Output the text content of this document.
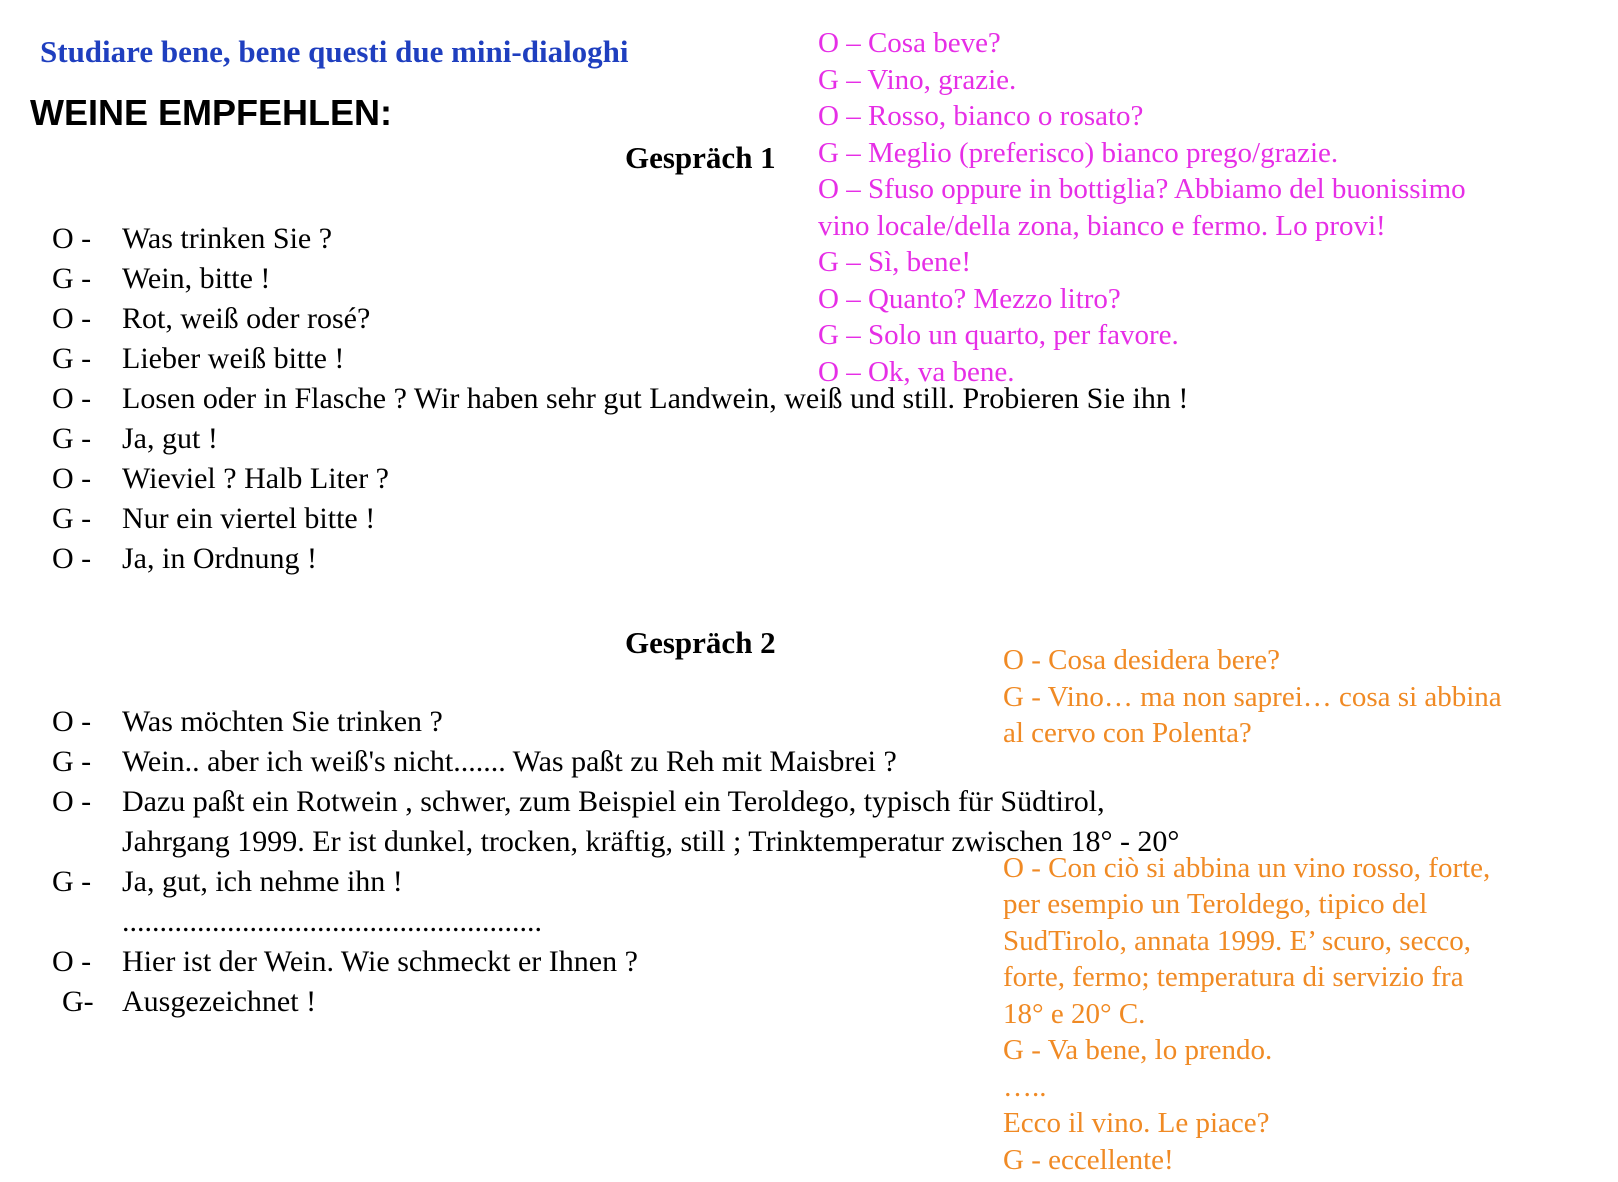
Studiare bene, bene questi due mini-dialoghi
WEINE EMPFEHLEN:
Gespräch 1
O -	Was trinken Sie ?
G -	Wein, bitte !
O -	Rot, weiß oder rosé?
G -	Lieber weiß bitte !
O -	Losen oder in Flasche ? Wir haben sehr gut Landwein, weiß und still. Probieren Sie ihn !
G -	Ja, gut !
O -	Wieviel ? Halb Liter ?
G -	Nur ein viertel bitte !
O -	Ja, in Ordnung !
Gespräch 2
O -	Was möchten Sie trinken ?
G -	Wein.. aber ich weiß's nicht....... Was paßt zu Reh mit Maisbrei ?
O -	Dazu paßt ein Rotwein , schwer, zum Beispiel ein Teroldego, typisch für Südtirol,
Jahrgang 1999. Er ist dunkel, trocken, kräftig, still ; Trinktemperatur zwischen 18° - 20°
G -	Ja, gut, ich nehme ihn !
........................................................
O -	Hier ist der Wein. Wie schmeckt er Ihnen ?
G- Ausgezeichnet !
O – Cosa beve?
G – Vino, grazie.
O – Rosso, bianco o rosato?
G – Meglio (preferisco) bianco prego/grazie.
O – Sfuso oppure in bottiglia? Abbiamo del buonissimo
vino locale/della zona, bianco e fermo. Lo provi!
G – Sì, bene!
O – Quanto? Mezzo litro?
G – Solo un quarto, per favore.
O – Ok, va bene.
O - Cosa desidera bere?
G - Vino… ma non saprei… cosa si abbina
al cervo con Polenta?
O - Con ciò si abbina un vino rosso, forte,
per esempio un Teroldego, tipico del
SudTirolo, annata 1999. E’ scuro, secco,
forte, fermo; temperatura di servizio fra
18° e 20° C.
G - Va bene, lo prendo.
…..
Ecco il vino. Le piace?
G - eccellente!
